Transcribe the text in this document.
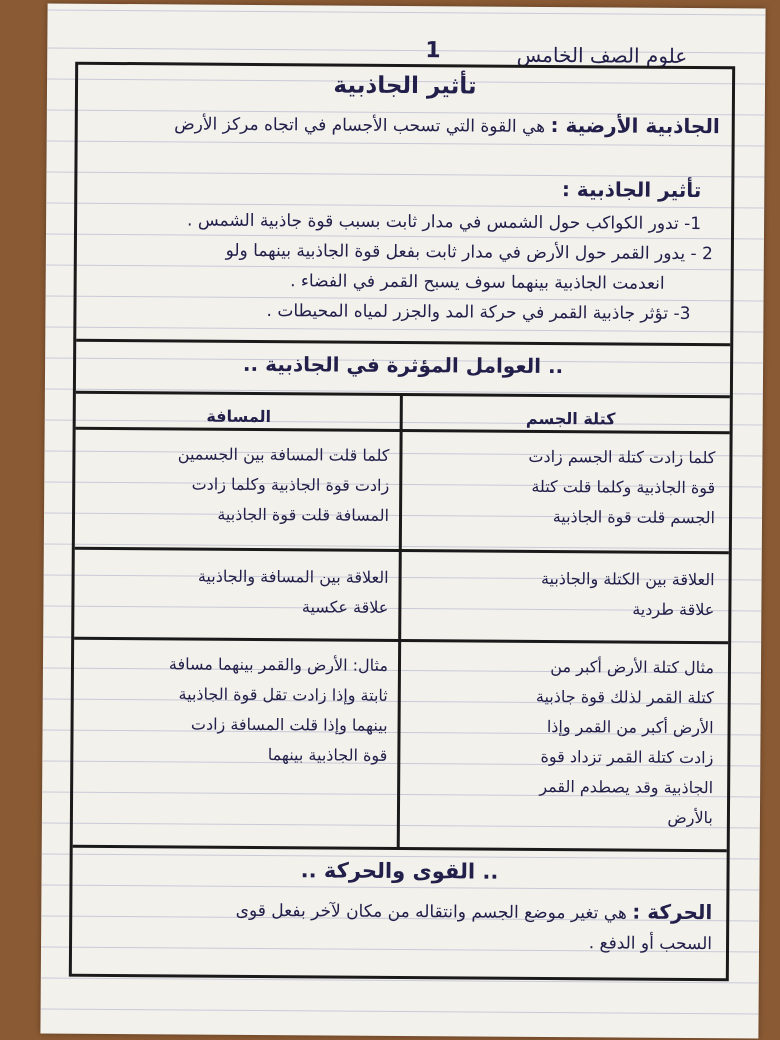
1	علوم الصف الخامس
تأثير الجاذبية
الجاذبية الأرضية : هي القوة التي تسحب الأجسام في اتجاه مركز الأرض
تأثير الجاذبية :
1- تدور الكواكب حول الشمس في مدار ثابت بسبب قوة جاذبية الشمس .
2 - يدور القمر حول الأرض في مدار ثابت بفعل قوة الجاذبية بينهما ولو
انعدمت الجاذبية بينهما سوف يسبح القمر في الفضاء .
3- تؤثر جاذبية القمر في حركة المد والجزر لمياه المحيطات .
.. العوامل المؤثرة في الجاذبية ..
كتلة الجسم
المسافة
كلما زادت كتلة الجسم زادت
قوة الجاذبية وكلما قلت كتلة
الجسم قلت قوة الجاذبية
كلما قلت المسافة بين الجسمين
زادت قوة الجاذبية وكلما زادت
المسافة قلت قوة الجاذبية
العلاقة بين الكتلة والجاذبية
علاقة طردية
العلاقة بين المسافة والجاذبية
علاقة عكسية
مثال كتلة الأرض أكبر من
كتلة القمر لذلك قوة جاذبية
الأرض أكبر من القمر وإذا
زادت كتلة القمر تزداد قوة
الجاذبية وقد يصطدم القمر
بالأرض
مثال: الأرض والقمر بينهما مسافة
ثابتة وإذا زادت تقل قوة الجاذبية
بينهما وإذا قلت المسافة زادت
قوة الجاذبية بينهما
.. القوى والحركة ..
الحركة : هي تغير موضع الجسم وانتقاله من مكان لآخر بفعل قوى
السحب أو الدفع .
